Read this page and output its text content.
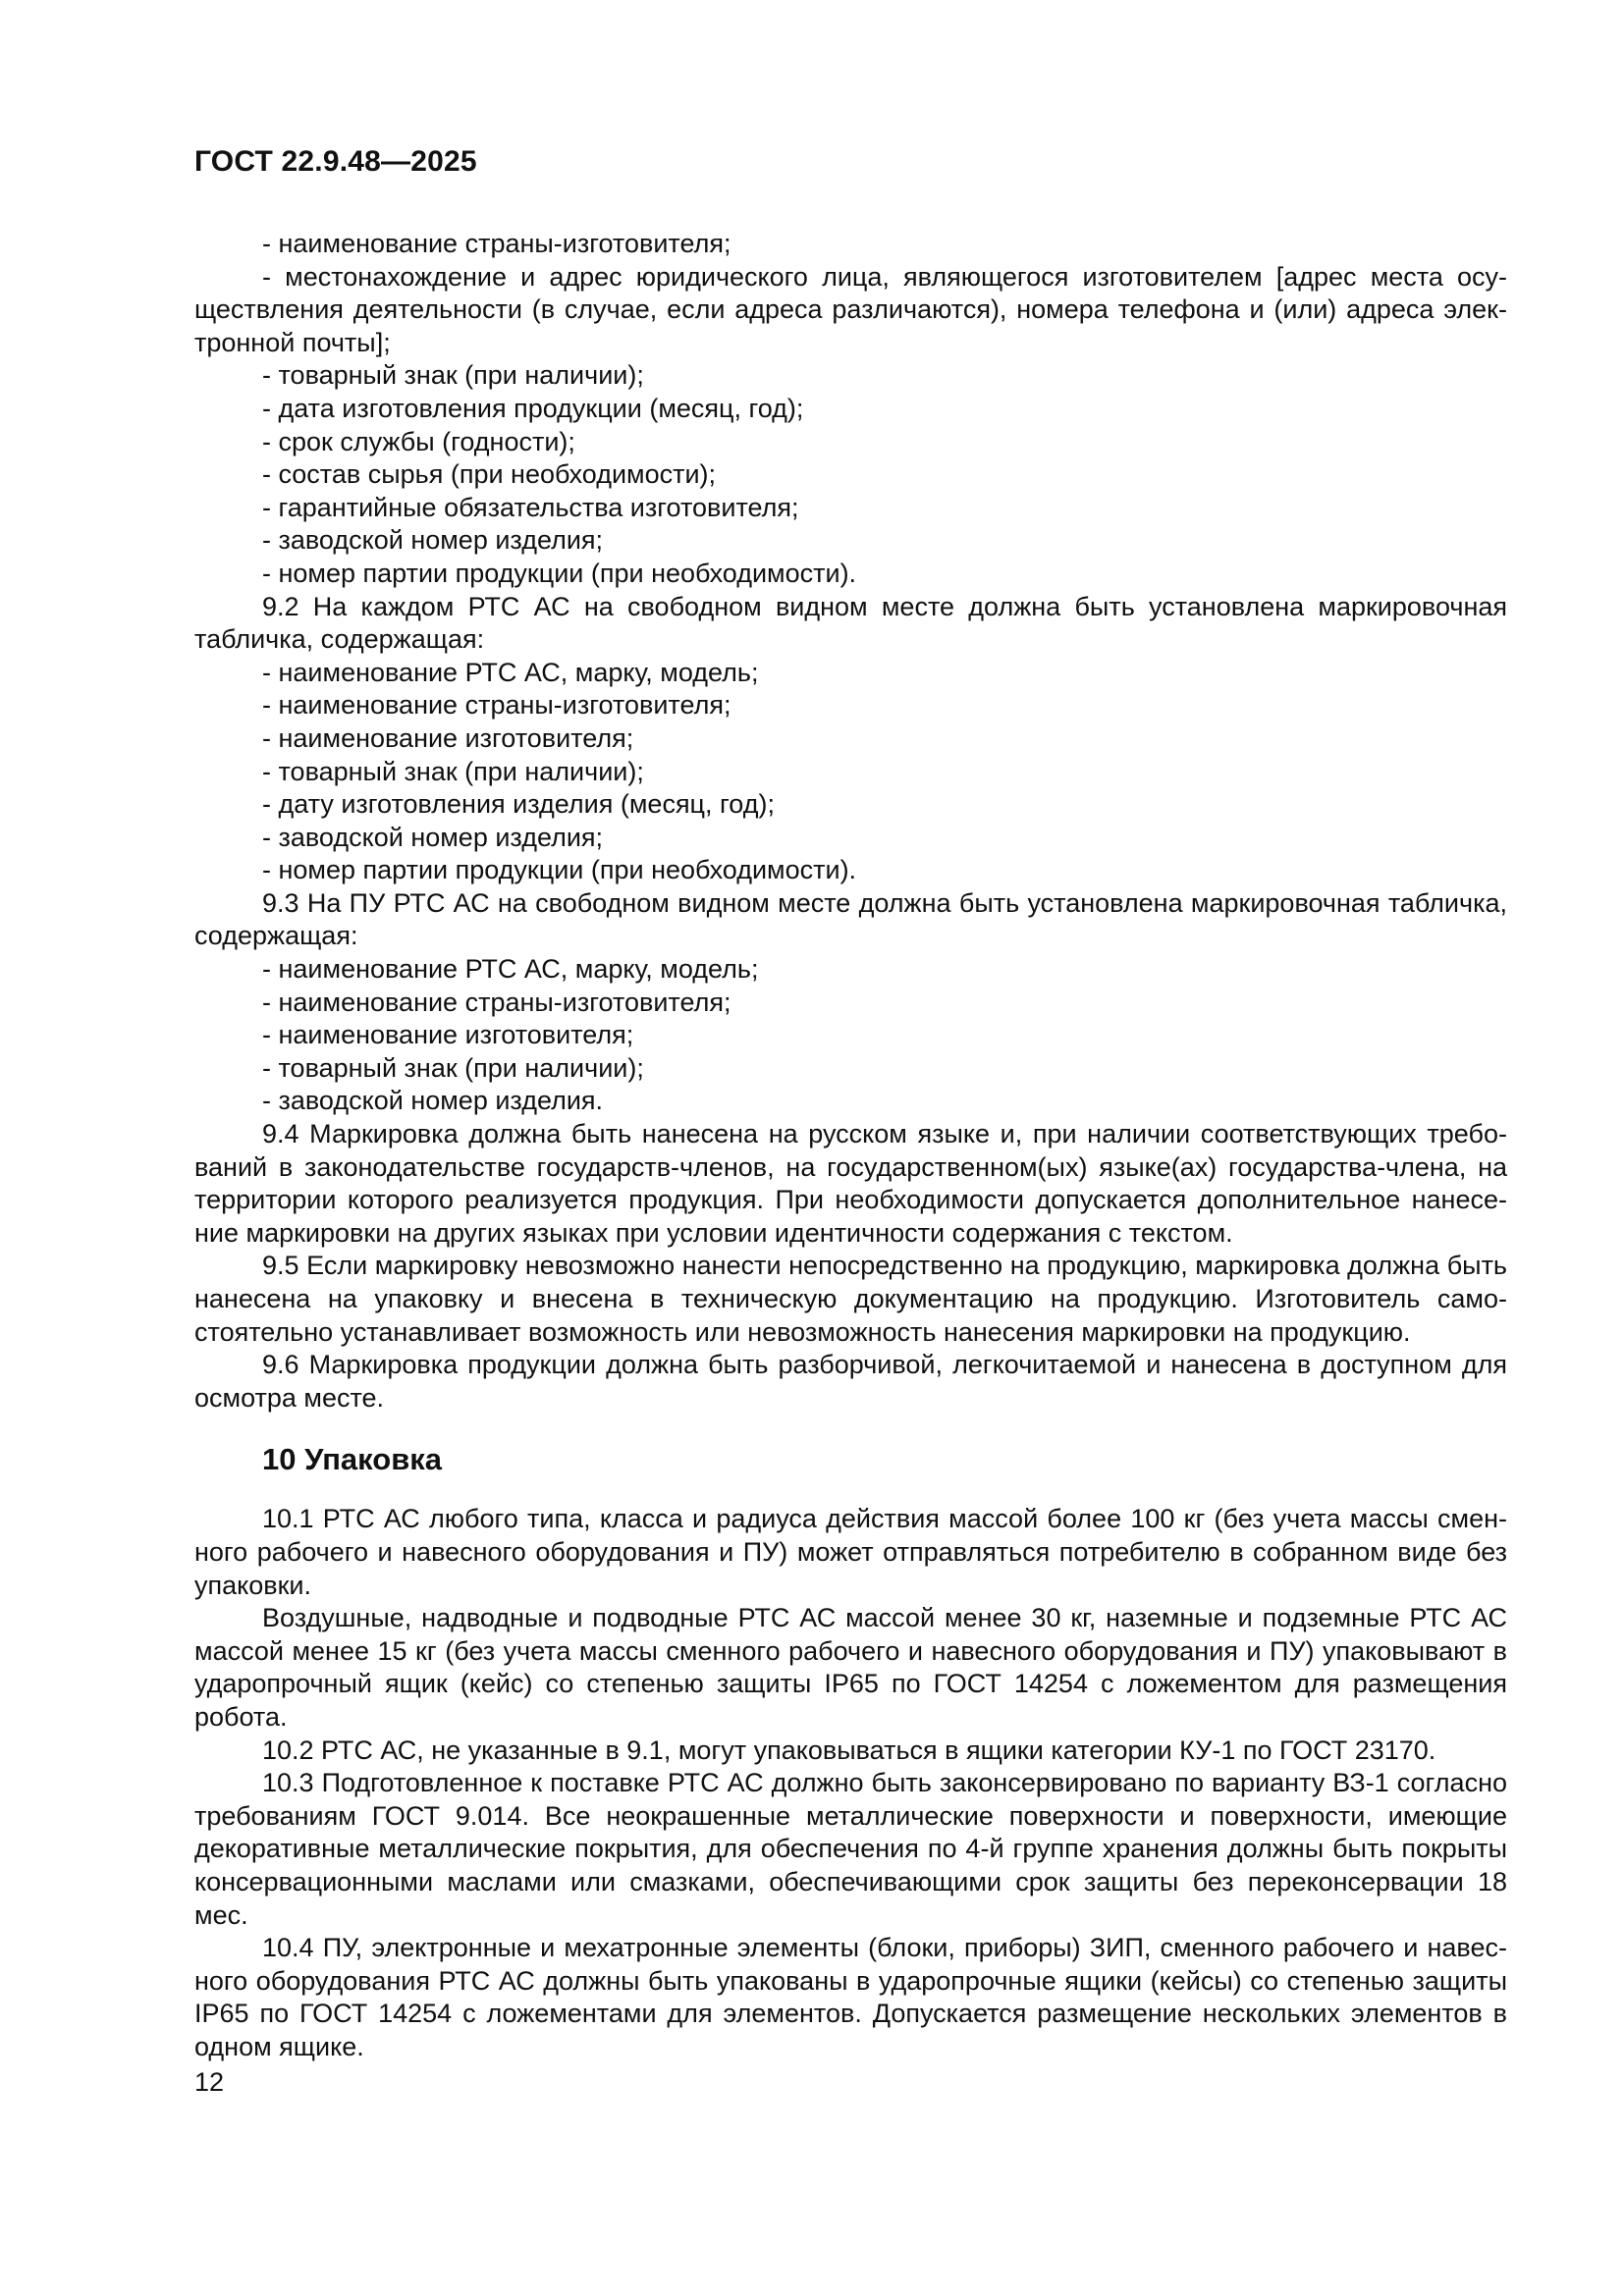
ГОСТ 22.9.48—2025

- наименование страны-изготовителя;

- местонахождение и адрес юридического лица, являющегося изготовителем [адрес места осуществления деятельности (в случае, если адреса различаются), номера телефона и (или) адреса электронной почты];

- товарный знак (при наличии);

- дата изготовления продукции (месяц, год);

- срок службы (годности);

- состав сырья (при необходимости);

- гарантийные обязательства изготовителя;

- заводской номер изделия;

- номер партии продукции (при необходимости).

9.2 На каждом РТС АС на свободном видном месте должна быть установлена маркировочная табличка, содержащая:

- наименование РТС АС, марку, модель;

- наименование страны-изготовителя;

- наименование изготовителя;

- товарный знак (при наличии);

- дату изготовления изделия (месяц, год);

- заводской номер изделия;

- номер партии продукции (при необходимости).

9.3 На ПУ РТС АС на свободном видном месте должна быть установлена маркировочная табличка, содержащая:

- наименование РТС АС, марку, модель;

- наименование страны-изготовителя;

- наименование изготовителя;

- товарный знак (при наличии);

- заводской номер изделия.

9.4 Маркировка должна быть нанесена на русском языке и, при наличии соответствующих требований в законодательстве государств-членов, на государственном(ых) языке(ах) государства-члена, на территории которого реализуется продукция. При необходимости допускается дополнительное нанесение маркировки на других языках при условии идентичности содержания с текстом.

9.5 Если маркировку невозможно нанести непосредственно на продукцию, маркировка должна быть нанесена на упаковку и внесена в техническую документацию на продукцию. Изготовитель самостоятельно устанавливает возможность или невозможность нанесения маркировки на продукцию.

9.6 Маркировка продукции должна быть разборчивой, легкочитаемой и нанесена в доступном для осмотра месте.

10 Упаковка

10.1 РТС АС любого типа, класса и радиуса действия массой более 100 кг (без учета массы сменного рабочего и навесного оборудования и ПУ) может отправляться потребителю в собранном виде без упаковки.

Воздушные, надводные и подводные РТС АС массой менее 30 кг, наземные и подземные РТС АС массой менее 15 кг (без учета массы сменного рабочего и навесного оборудования и ПУ) упаковывают в ударопрочный ящик (кейс) со степенью защиты IP65 по ГОСТ 14254 с ложементом для размещения робота.

10.2 РТС АС, не указанные в 9.1, могут упаковываться в ящики категории КУ-1 по ГОСТ 23170.

10.3 Подготовленное к поставке РТС АС должно быть законсервировано по варианту ВЗ-1 согласно требованиям ГОСТ 9.014. Все неокрашенные металлические поверхности и поверхности, имеющие декоративные металлические покрытия, для обеспечения по 4-й группе хранения должны быть покрыты консервационными маслами или смазками, обеспечивающими срок защиты без переконсервации 18 мес.

10.4 ПУ, электронные и мехатронные элементы (блоки, приборы) ЗИП, сменного рабочего и навесного оборудования РТС АС должны быть упакованы в ударопрочные ящики (кейсы) со степенью защиты IP65 по ГОСТ 14254 с ложементами для элементов. Допускается размещение нескольких элементов в одном ящике.

12
